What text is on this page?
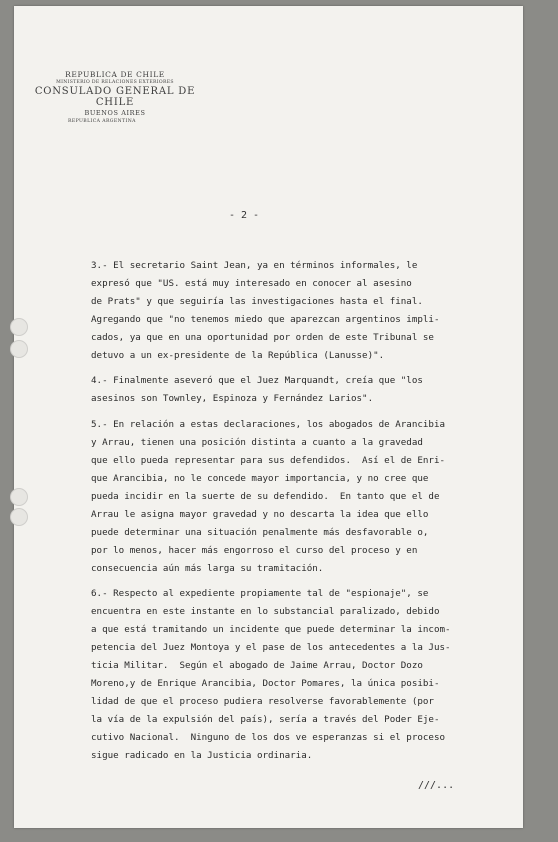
REPUBLICA DE CHILE
MINISTERIO DE RELACIONES EXTERIORES
CONSULADO GENERAL DE CHILE
BUENOS AIRES
REPUBLICA ARGENTINA
- 2 -
3.- El secretario Saint Jean, ya en términos informales, le
expresó que "US. está muy interesado en conocer al asesino
de Prats" y que seguiría las investigaciones hasta el final.
Agregando que "no tenemos miedo que aparezcan argentinos impli-
cados, ya que en una oportunidad por orden de este Tribunal se
detuvo a un ex-presidente de la República (Lanusse)".
4.- Finalmente aseveró que el Juez Marquandt, creía que "los
asesinos son Townley, Espinoza y Fernández Larios".
5.- En relación a estas declaraciones, los abogados de Arancibia
y Arrau, tienen una posición distinta a cuanto a la gravedad
que ello pueda representar para sus defendidos.  Así el de Enri-
que Arancibia, no le concede mayor importancia, y no cree que
pueda incidir en la suerte de su defendido.  En tanto que el de
Arrau le asigna mayor gravedad y no descarta la idea que ello
puede determinar una situación penalmente más desfavorable o,
por lo menos, hacer más engorroso el curso del proceso y en
consecuencia aún más larga su tramitación.
6.- Respecto al expediente propiamente tal de "espionaje", se
encuentra en este instante en lo substancial paralizado, debido
a que está tramitando un incidente que puede determinar la incom-
petencia del Juez Montoya y el pase de los antecedentes a la Jus-
ticia Militar.  Según el abogado de Jaime Arrau, Doctor Dozo
Moreno,y de Enrique Arancibia, Doctor Pomares, la única posibi-
lidad de que el proceso pudiera resolverse favorablemente (por
la vía de la expulsión del país), sería a través del Poder Eje-
cutivo Nacional.  Ninguno de los dos ve esperanzas si el proceso
sigue radicado en la Justicia ordinaria.
///...
